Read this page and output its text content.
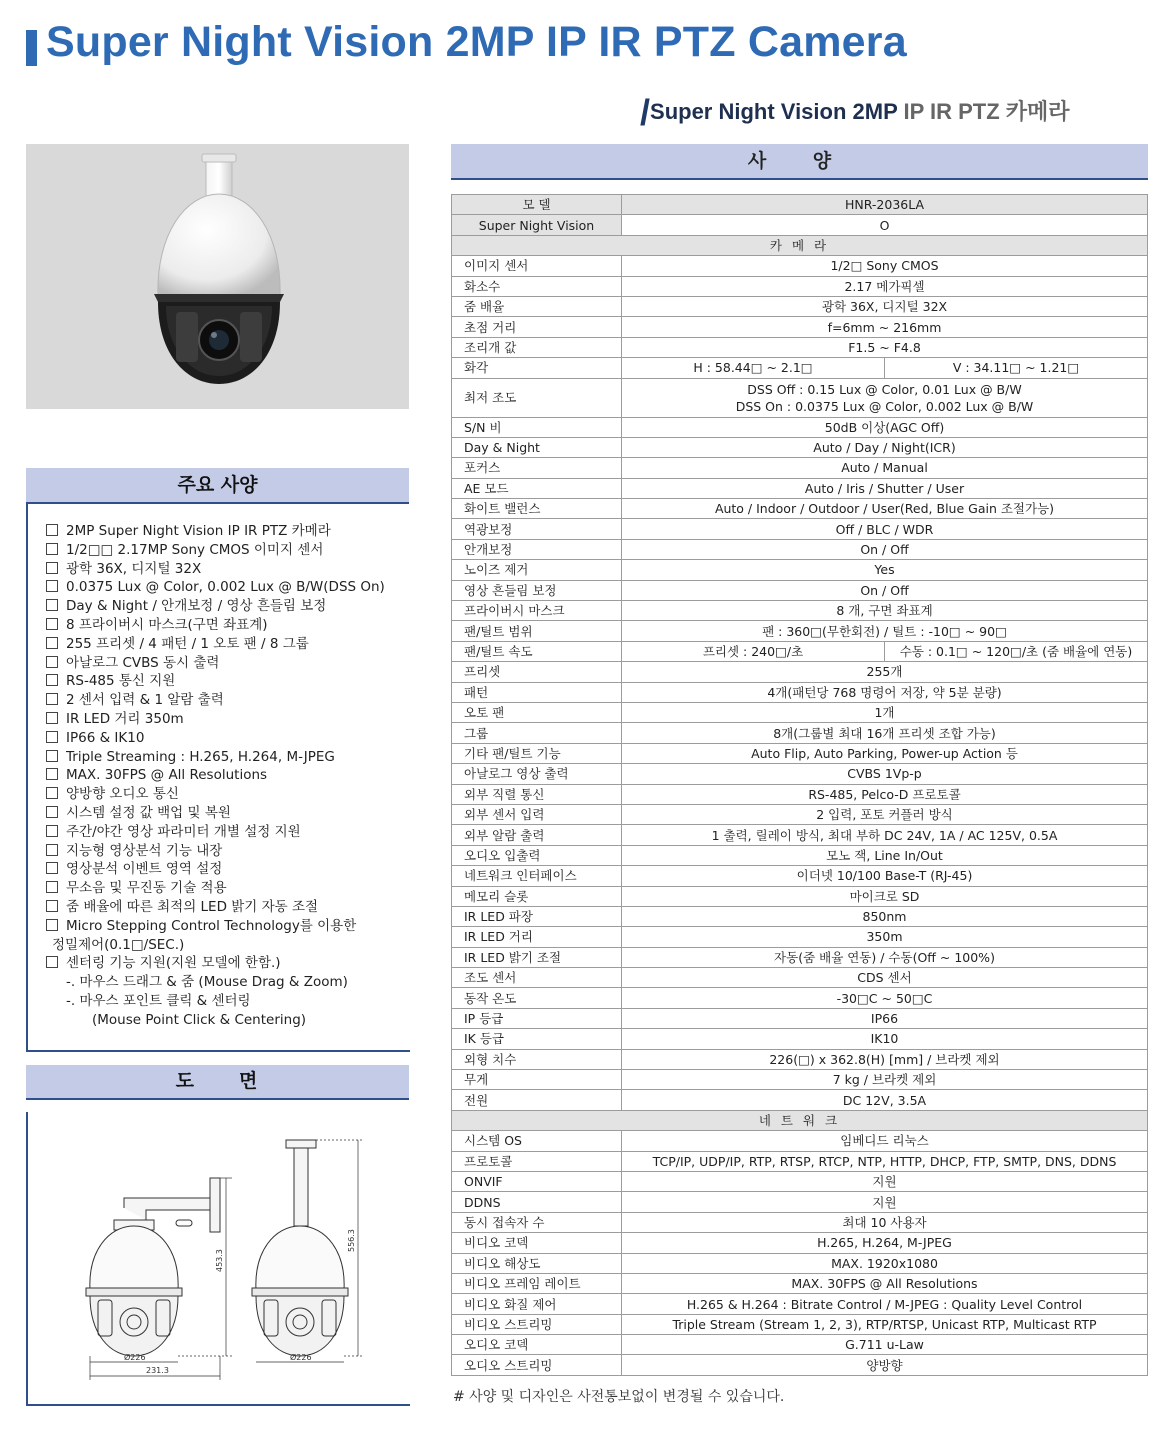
Super Night Vision 2MP IP IR PTZ Camera
/Super Night Vision 2MP IP IR PTZ 카메라
주요 사양
2MP Super Night Vision IP IR PTZ 카메라
1/2□□ 2.17MP Sony CMOS 이미지 센서
광학 36X, 디지털 32X
0.0375 Lux @ Color, 0.002 Lux @ B/W(DSS On)
Day & Night / 안개보정 / 영상 흔들림 보정
8 프라이버시 마스크(구면 좌표계)
255 프리셋 / 4 패턴 / 1 오토 팬 / 8 그룹
아날로그 CVBS 동시 출력
RS-485 통신 지원
2 센서 입력 & 1 알람 출력
IR LED 거리 350m
IP66 & IK10
Triple Streaming : H.265, H.264, M-JPEG
MAX. 30FPS @ All Resolutions
양방향 오디오 통신
시스템 설정 값 백업 및 복원
주간/야간 영상 파라미터 개별 설정 지원
지능형 영상분석 기능 내장
영상분석 이벤트 영역 설정
무소음 및 무진동 기술 적용
줌 배율에 따른 최적의 LED 밝기 자동 조절
Micro Stepping Control Technology를 이용한
정밀제어(0.1□/SEC.)
센터링 기능 지원(지원 모델에 한함.)
-. 마우스 드래그 & 줌 (Mouse Drag & Zoom)
-. 마우스 포인트 클릭 & 센터링
(Mouse Point Click & Centering)
도     면
453.3
556.3
Ø226	Ø226
231.3
사 양
모 델	HNR-2036LA	
Super Night Vision	O	
카 메 라		
이미지 센서	1/2□ Sony CMOS	
화소수	2.17 메가픽셀	
줌 배율	광학 36X, 디지털 32X	
초점 거리	f=6mm ~ 216mm	
조리개 값	F1.5 ~ F4.8	
화각	H : 58.44□ ~ 2.1□	V : 34.11□ ~ 1.21□
최저 조도	DSS Off : 0.15 Lux @ Color, 0.01 Lux @ B/W
DSS On : 0.0375 Lux @ Color, 0.002 Lux @ B/W	

S/N 비	50dB 이상(AGC Off)	
Day & Night	Auto / Day / Night(ICR)	
포커스	Auto / Manual	
AE 모드	Auto / Iris / Shutter / User	
화이트 밸런스	Auto / Indoor / Outdoor / User(Red, Blue Gain 조절가능)	
역광보정	Off / BLC / WDR	
안개보정	On / Off	
노이즈 제거	Yes	
영상 흔들림 보정	On / Off	
프라이버시 마스크	8 개, 구면 좌표계	
팬/틸트 범위	팬 : 360□(무한회전) / 틸트 : -10□ ~ 90□	
팬/틸트 속도	프리셋 : 240□/초	수동 : 0.1□ ~ 120□/초 (줌 배율에 연동)
프리셋	255개	
패턴	4개(패턴당 768 명령어 저장, 약 5분 분량)	
오토 팬	1개	
그룹	8개(그룹별 최대 16개 프리셋 조합 가능)	
기타 팬/틸트 기능	Auto Flip, Auto Parking, Power-up Action 등	
아날로그 영상 출력	CVBS 1Vp-p	
외부 직렬 통신	RS-485, Pelco-D 프로토콜	
외부 센서 입력	2 입력, 포토 커플러 방식	
외부 알람 출력	1 출력, 릴레이 방식, 최대 부하 DC 24V, 1A / AC 125V, 0.5A	
오디오 입출력	모노 잭, Line In/Out	
네트워크 인터페이스	이더넷 10/100 Base-T (RJ-45)	
메모리 슬롯	마이크로 SD	
IR LED 파장	850nm	
IR LED 거리	350m	
IR LED 밝기 조절	자동(줌 배율 연동) / 수동(Off ~ 100%)	
조도 센서	CDS 센서	
동작 온도	-30□C ~ 50□C	
IP 등급	IP66	
IK 등급	IK10	
외형 치수	226(□) x 362.8(H) [mm] / 브라켓 제외	
무게	7 kg / 브라켓 제외	
전원	DC 12V, 3.5A	
네 트 워 크		
시스템 OS	임베디드 리눅스	
프로토콜	TCP/IP, UDP/IP, RTP, RTSP, RTCP, NTP, HTTP, DHCP, FTP, SMTP, DNS, DDNS	
ONVIF	지원	
DDNS	지원	
동시 접속자 수	최대 10 사용자	
비디오 코덱	H.265, H.264, M-JPEG	
비디오 해상도	MAX. 1920x1080	
비디오 프레임 레이트	MAX. 30FPS @ All Resolutions	
비디오 화질 제어	H.265 & H.264 : Bitrate Control / M-JPEG : Quality Level Control	
비디오 스트리밍	Triple Stream (Stream 1, 2, 3), RTP/RTSP, Unicast RTP, Multicast RTP	
오디오 코덱	G.711 u-Law	
오디오 스트리밍	양방향	
# 사양 및 디자인은 사전통보없이 변경될 수 있습니다.
